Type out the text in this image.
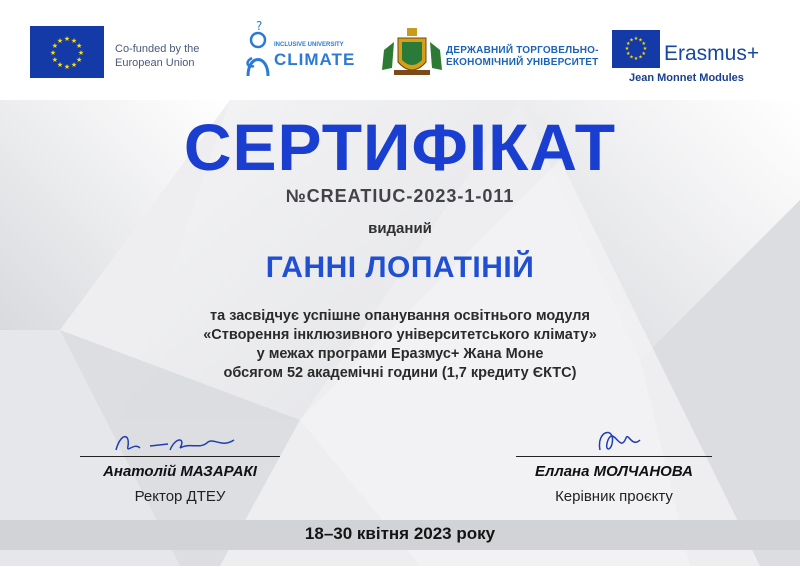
★ ★
★
★
★
★
★
★
★
★
★
★
Co-funded by the
European Union
?
INCLUSIVE UNIVERSITY
CLIMATE	ДЕРЖАВНИЙ ТОРГОВЕЛЬНО-
ЕКОНОМІЧНИЙ УНІВЕРСИТЕТ
★ ★
★
★
★
★
★
★
★
★
★
★
Erasmus+
Jean Monnet Modules
СЕРТИФІКАТ
№CREATIUC-2023-1-011
виданий
ГАННІ ЛОПАТІНІЙ
та засвідчує успішне опанування освітнього модуля
«Створення інклюзивного університетського клімату»
у межах програми Еразмус+ Жана Моне
обсягом 52 академічні години (1,7 кредиту ЄКТС)
Анатолій МАЗАРАКІ
Ректор ДТЕУ
Еллана МОЛЧАНОВА
Керівник проєкту
18–30 квітня 2023 року
